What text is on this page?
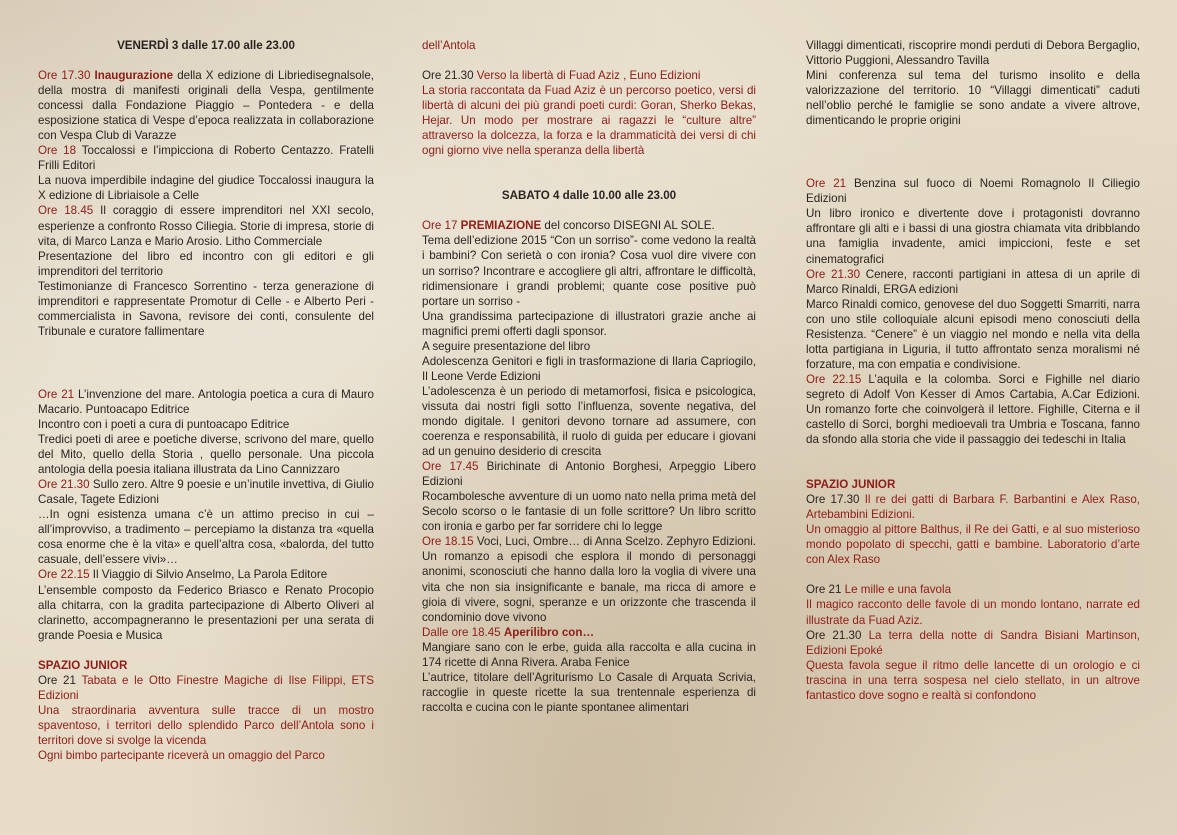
VENERDÌ 3 dalle 17.00 alle 23.00

Ore 17.30 Inaugurazione della X edizione di Libriedisegnalsole, della mostra di manifesti originali della Vespa, gentilmente concessi dalla Fondazione Piaggio – Pontedera - e della esposizione statica di Vespe d’epoca realizzata in collaborazione con Vespa Club di Varazze

Ore 18 Toccalossi e l’impicciona di Roberto Centazzo. Fratelli Frilli Editori

La nuova imperdibile indagine del giudice Toccalossi inaugura la X edizione di Libriaisole a Celle

Ore 18.45 Il coraggio di essere imprenditori nel XXI secolo, esperienze a confronto Rosso Ciliegia. Storie di impresa, storie di vita, di Marco Lanza e Mario Arosio. Litho Commerciale

Presentazione del libro ed incontro con gli editori e gli imprenditori del territorio

Testimonianze di Francesco Sorrentino - terza generazione di imprenditori e rappresentate Promotur di Celle - e Alberto Peri - commercialista in Savona, revisore dei conti, consulente del Tribunale e curatore fallimentare

Ore 21 L’invenzione del mare. Antologia poetica a cura di Mauro Macario. Puntoacapo Editrice

Incontro con i poeti a cura di puntoacapo Editrice

Tredici poeti di aree e poetiche diverse, scrivono del mare, quello del Mito, quello della Storia , quello personale. Una piccola antologia della poesia italiana illustrata da Lino Cannizzaro

Ore 21.30 Sullo zero. Altre 9 poesie e un’inutile invettiva, di Giulio Casale, Tagete Edizioni

…In ogni esistenza umana c’è un attimo preciso in cui – all’improvviso, a tradimento – percepiamo la distanza tra «quella cosa enorme che è la vita» e quell’altra cosa, «balorda, del tutto casuale, dell’essere vivi»…

Ore 22.15 Il Viaggio di Silvio Anselmo, La Parola Editore

L’ensemble composto da Federico Briasco e Renato Procopio alla chitarra, con la gradita partecipazione di Alberto Oliveri al clarinetto, accompagneranno le presentazioni per una serata di grande Poesia e Musica

SPAZIO JUNIOR

Ore 21 Tabata e le Otto Finestre Magiche di Ilse Filippi, ETS Edizioni

Una straordinaria avventura sulle tracce di un mostro spaventoso, i territori dello splendido Parco dell’Antola sono i territori dove si svolge la vicenda

Ogni bimbo partecipante riceverà un omaggio del Parco

dell’Antola

Ore 21.30 Verso la libertà di Fuad Aziz , Euno Edizioni

La storia raccontata da Fuad Aziz è un percorso poetico, versi di libertà di alcuni dei più grandi poeti curdi: Goran, Sherko Bekas, Hejar. Un modo per mostrare ai ragazzi le “culture altre” attraverso la dolcezza, la forza e la drammaticità dei versi di chi ogni giorno vive nella speranza della libertà

SABATO 4 dalle 10.00 alle 23.00

Ore 17 PREMIAZIONE del concorso DISEGNI AL SOLE.

Tema dell’edizione 2015 “Con un sorriso”- come vedono la realtà i bambini? Con serietà o con ironia? Cosa vuol dire vivere con un sorriso? Incontrare e accogliere gli altri, affrontare le difficoltà, ridimensionare i grandi problemi; quante cose positive può portare un sorriso -

Una grandissima partecipazione di illustratori grazie anche ai magnifici premi offerti dagli sponsor.

A seguire presentazione del libro

Adolescenza Genitori e figli in trasformazione di Ilaria Capriogilo, Il Leone Verde Edizioni

L’adolescenza è un periodo di metamorfosi, fisica e psicologica, vissuta dai nostri figli sotto l’influenza, sovente negativa, del mondo digitale. I genitori devono tornare ad assumere, con coerenza e responsabilità, il ruolo di guida per educare i giovani ad un genuino desiderio di crescita

Ore 17.45 Birichinate di Antonio Borghesi, Arpeggio Libero Edizioni

Rocambolesche avventure di un uomo nato nella prima metà del Secolo scorso o le fantasie di un folle scrittore? Un libro scritto con ironia e garbo per far sorridere chi lo legge

Ore 18.15 Voci, Luci, Ombre… di Anna Scelzo. Zephyro Edizioni. Un romanzo a episodi che esplora il mondo di personaggi anonimi, sconosciuti che hanno dalla loro la voglia di vivere una vita che non sia insignificante e banale, ma ricca di amore e gioia di vivere, sogni, speranze e un orizzonte che trascenda il condominio dove vivono

Dalle ore 18.45 Aperilibro con…

Mangiare sano con le erbe, guida alla raccolta e alla cucina in 174 ricette di Anna Rivera. Araba Fenice

L’autrice, titolare dell’Agriturismo Lo Casale di Arquata Scrivia, raccoglie in queste ricette la sua trentennale esperienza di raccolta e cucina con le piante spontanee alimentari

Villaggi dimenticati, riscoprire mondi perduti di Debora Bergaglio, Vittorio Puggioni, Alessandro Tavilla

Mini conferenza sul tema del turismo insolito e della valorizzazione del territorio. 10 “Villaggi dimenticati” caduti nell’oblio perché le famiglie se sono andate a vivere altrove, dimenticando le proprie origini

Ore 21 Benzina sul fuoco di Noemi Romagnolo Il Ciliegio Edizioni

Un libro ironico e divertente dove i protagonisti dovranno affrontare gli alti e i bassi di una giostra chiamata vita dribblando una famiglia invadente, amici impiccioni, feste e set cinematografici

Ore 21.30 Cenere, racconti partigiani in attesa di un aprile di Marco Rinaldi, ERGA edizioni

Marco Rinaldi comico, genovese del duo Soggetti Smarriti, narra con uno stile colloquiale alcuni episodi meno conosciuti della Resistenza. “Cenere” è un viaggio nel mondo e nella vita della lotta partigiana in Liguria, il tutto affrontato senza moralismi né forzature, ma con empatia e condivisione.

Ore 22.15 L’aquila e la colomba. Sorci e Fighille nel diario segreto di Adolf Von Kesser di Amos Cartabia, A.Car Edizioni. Un romanzo forte che coinvolgerà il lettore. Fighille, Citerna e il castello di Sorci, borghi medioevali tra Umbria e Toscana, fanno da sfondo alla storia che vide il passaggio dei tedeschi in Italia

SPAZIO JUNIOR

Ore 17.30 Il re dei gatti di Barbara F. Barbantini e Alex Raso, Artebambini Edizioni.

Un omaggio al pittore Balthus, il Re dei Gatti, e al suo misterioso mondo popolato di specchi, gatti e bambine. Laboratorio d’arte con Alex Raso

Ore 21 Le mille e una favola

Il magico racconto delle favole di un mondo lontano, narrate ed illustrate da Fuad Aziz.

Ore 21.30 La terra della notte di Sandra Bisiani Martinson, Edizioni Epoké

Questa favola segue il ritmo delle lancette di un orologio e ci trascina in una terra sospesa nel cielo stellato, in un altrove fantastico dove sogno e realtà si confondono
